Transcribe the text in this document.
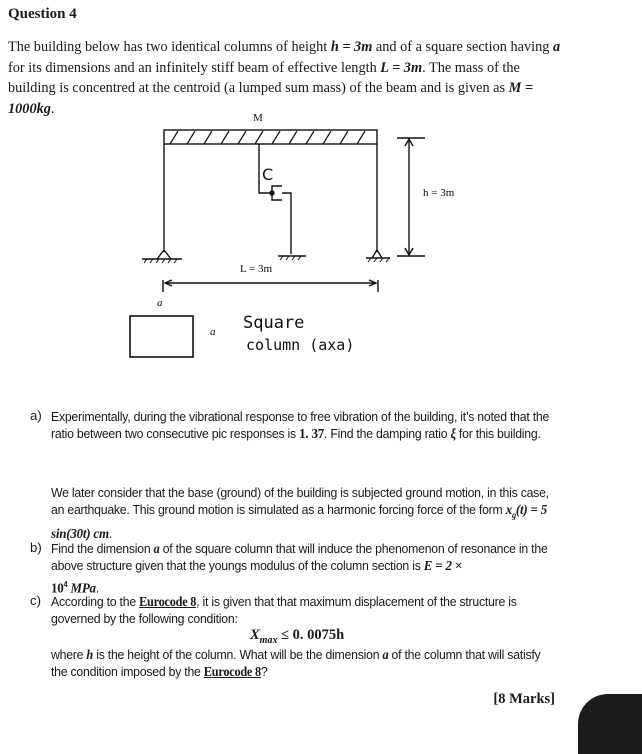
Question 4
The building below has two identical columns of height h = 3m and of a square section having a for its dimensions and an infinitely stiff beam of effective length L = 3m. The mass of the building is concentred at the centroid (a lumped sum mass) of the beam and is given as M = 1000kg.
M
C
h = 3m
L = 3m
a
a Square
column (axa)
a) Experimentally, during the vibrational response to free vibration of the building, it’s noted that the ratio between two consecutive pic responses is 1. 37. Find the damping ratio ξ for this building.
We later consider that the base (ground) of the building is subjected ground motion, in this case, an earthquake. This ground motion is simulated as a harmonic forcing force of the form $x_g(t) = 5$ sin(30t) cm.
b) Find the dimension a of the square column that will induce the phenomenon of resonance in the above structure given that the youngs modulus of the column section is E = 2 ×
$10^4$ MPa.
c) According to the Eurocode 8, it is given that that maximum displacement of the structure is governed by the following condition:
$X_{max} \le 0$. 0075h
where h is the height of the column. What will be the dimension a of the column that will satisfy the condition imposed by the Eurocode 8?
[8 Marks]
